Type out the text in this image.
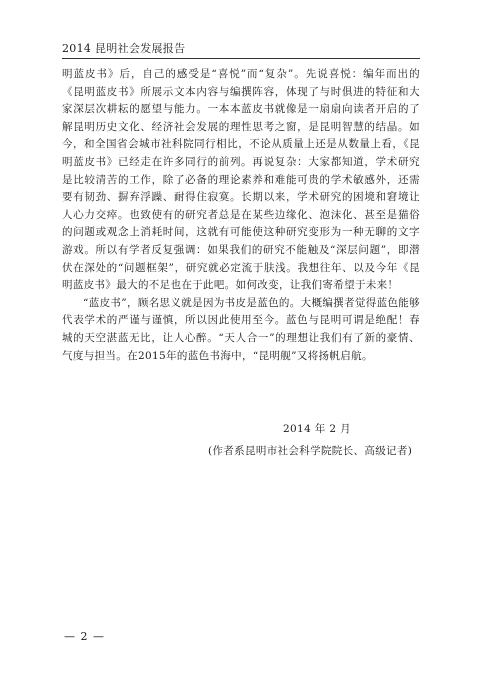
2014 昆明社会发展报告

明蓝皮书》后，自己的感受是“喜悦”而“复杂”。先说喜悦：编年而出的《昆明蓝皮书》所展示文本内容与编撰阵容，体现了与时俱进的特征和大家深层次耕耘的愿望与能力。一本本蓝皮书就像是一扇扇向读者开启的了解昆明历史文化、经济社会发展的理性思考之窗，是昆明智慧的结晶。如今，和全国省会城市社科院同行相比，不论从质量上还是从数量上看，《昆明蓝皮书》已经走在许多同行的前列。再说复杂：大家都知道，学术研究是比较清苦的工作，除了必备的理论素养和难能可贵的学术敏感外，还需要有韧劲、摒弃浮躁、耐得住寂寞。长期以来，学术研究的困境和窘境让人心力交瘁。也致使有的研究者总是在某些边缘化、泡沫化、甚至是猫俗的问题或观念上消耗时间，这就有可能使这种研究变形为一种无聊的文字游戏。所以有学者反复强调：如果我们的研究不能触及“深层问题”，即潜伏在深处的“问题框架”，研究就必定流于肤浅。我想往年、以及今年《昆明蓝皮书》最大的不足也在于此吧。如何改变，让我们寄希望于未来！

“蓝皮书”，顾名思义就是因为书皮是蓝色的。大概编撰者觉得蓝色能够代表学术的严谨与谨慎，所以因此使用至今。蓝色与昆明可谓是绝配！春城的天空湛蓝无比，让人心醉。“天人合一”的理想让我们有了新的豪情、气度与担当。在2015年的蓝色书海中，“昆明舰”又将扬帆启航。

2014 年 2 月
(作者系昆明市社会科学院院长、高级记者)
— 2 —
